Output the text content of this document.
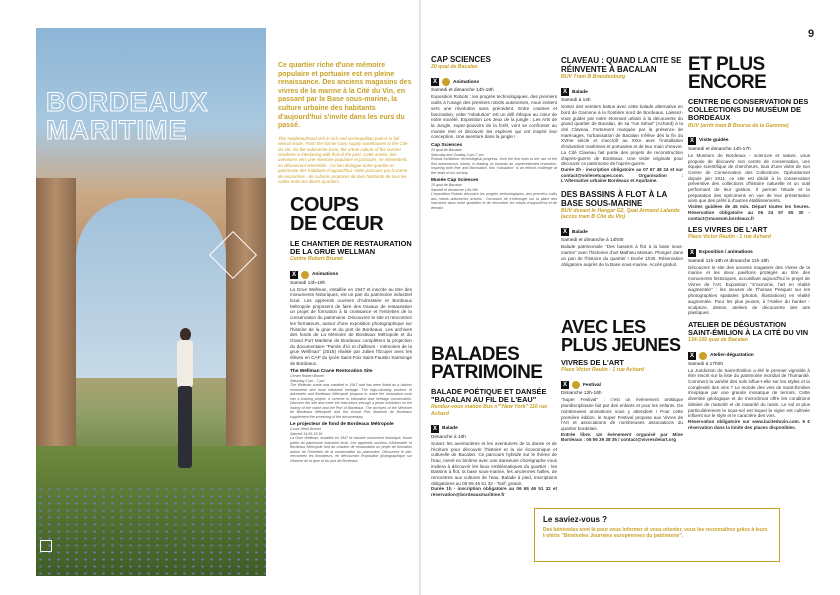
9
BORDEAUX
MARITIME

Ce quartier riche d'une mémoire populaire et portuaire est en pleine renaissance. Des anciens magasins des vivres de la marine à la Cité du Vin, en passant par la Base sous-marine, la culture urbaine des habitants d'aujourd'hui s'invite dans les eurs du passé.

This neighbourhood rich in rich and cosmopolitan past is in full revival mode. From the former navy supply warehouses to the Cité du Vin, via the submarine base, the urban culture of the current residents is interlacing with that of the past. Cette année, des aventures vers une mémoire populaire et portuaire, se réinventent, en découvrant ensemble - Ce lien dialogue entre quartier et patrimoine des habitants d'aujourd'hui. Votre parcours par la trame de rencontres - de cultures proposes de tous habitants de tous les cultes entre les divers quartiers.

COUPS
DE CŒUR
LE CHANTIER DE RESTAURATION DE LA GRUE WELLMAN
Centre Robert Brunet
X	Animations
Samedi 14h-19h

La Grue Wellman, installée en 1947 et inscrite au titre des monuments historiques, est un pan du patrimoine industriel local. Les apprentis ouvriers d'Adresstée et Bordeaux Métropole proposent de faire des travaux de restauration un projet de formation à la croissance et l'entretien de la conservation du patrimoine. Découvrez le site et rencontrez les formateurs, autour d'une exposition photographique sur l'histoire de la grue et du port de Bordeaux. Les archives des fonds de La Mémoire de Bordeaux Métropole et du Grand Port Maritime de Bordeaux complètent la projection du documentaire "Parole d'ici et d'ailleurs - mémoires de la grue Wellman" (2018) réalisé par Julien l'Écuyer avec les élèves en CAP du lycée Saint-Foix Saint-Faustin Saintonge de Bordeaux.

The Wellman Crane Restoration Site
Centre Robert Brunet
Saturday 2 pm - 7 pm

The Wellman crane was installed in 1947 and has been listed as a historic monument and local industrial heritage. The high-climbing workers of Adresstée and Bordeaux Métropole propose to make the restoration work into a training project, a scheme in education and heritage conservation. Discover the site and meet the instructors through a photo exhibition on the history of the crane and the Port of Bordeaux. The archives of the Mémoire de Bordeaux Métropole and the Grand Port Maritime de Bordeaux supplement the screening of the documentary.

Le projecteur de fond de Bordeaux Métropole
Cours Henri Brunet
Samedi 14:30-15:30

La Grue Wellman, installée en 1947 et classée monument historique, forme partie du patrimoine industriel local. Les apprentis ouvriers d'Adresstée et Bordeaux Métropole font du chantier de restauration un projet de formation autour de l'entretien de la conservation du patrimoine. Découvrez le site, rencontrez les formateurs, en découvrant l'exposition photographique sur l'histoire de la grue et du port de Bordeaux.

CAP SCIENCES
20 quai de Bacalan
X	Animations
Samedi et dimanche 14h-18h

Exposition Robots : les progrès technologiques, des premiers outils à l'usage des premiers robots autonomes, nous invitent vers une révolution sans précédent. Entre craintes et fascination, cette "robolution" est un défi éthique au cœur de notre société. Exposition Les Jeux de la jungle : Les Arts de la Jungle, super-pouvoirs de la forêt, vont se confronter au monde réel et découvrir les espèces qui ont inspiré leur conception. Une aventure dans la jungle !

Cap Sciences
20 quai de Bacalan
Saturday and Sunday 2 pm-7 pm

Robots exhibition: technological progress, from the first tools to the use of the first autonomous robots, is leading us towards an unprecedented revolution. Inspiring both fear and fascination, this "robolution" is an ethical challenge at the heart of our society.

Musée Cap Sciences
20 quai de Bacalan
Samedi et dimanche 14h-18h

L'exposition Robots découvre les progrès technologiques, des premiers outils aux robots autonomes actuels ; l'occasion de s'interroger sur la place des machines dans notre quotidien et de rencontrer les robots d'aujourd'hui et de demain.

BALADES
PATRIMOINE
BALADE POÉTIQUE ET DANSÉE "BACALAN AU FIL DE L'EAU"
Rendez-vous station Bus n°"New York" 110 rue Achard
X	Balade
Dimanche à 10h

Suivez les aventurières et les aventuriers de la danse et de l'écriture pour découvrir l'histoire et la vie économique et culturelle de Bacalan. Ce parcours hybride sur le thème de l'eau, mené en binôme avec une danseuse chorégraphe vous invitera à découvrir les lieux emblématiques du quartier : les Bassins à flot, la base sous-marine, les anciennes halles, de rencontres aux cultures de l'eau. Balade à pied, inscriptions obligatoires au 06 65 46 51 32 - Tarif: gratuit.

Durée 1h - inscription obligatoire au 06 65 46 51 32 et réservation@bordeauxmaritime.fr

CLAVEAU : QUAND LA CITÉ SE RÉINVENTE À BACALAN
BUV Tram B Brandenburg
X	Balade
Samedi à 14h

Sortez des sentiers battus avec cette balade alternative en bord de Garonne à la frontière nord de Bordeaux. Laissez-vous guider par notre étonnant urbain à la découverte du grand quartier de Bacalan, de sa "rue Sénat" (Achard) à la cité Claveau. Fortement marquée par la présence de marécages, l'urbanisation de Bacalan s'élève dès la fin du XVIIIe siècle et s'accroît au XIXe avec l'installation d'industries maritimes et portuaires et de leur main d'œuvre. La Cité Claveau fait partie des projets de reconstruction d'après-guerre de Bordeaux. Une visite originale pour découvrir ce patrimoine de l'après-guerre.

Durée 2h - inscription obligatoire au 07 67 48 24 et sur contact@voilesetcapes.com. Organisation : L'Alternative urbaine Bordeaux et Aquitaine.

DES BASSINS À FLOT À LA BASE SOUS-MARINE
BUV devant le Hangar G2, Quai Armand Lalande (accès tram B Cité du Vin)
X	Balade
Samedi et dimanche à 14h00

Balade patrimoniale "Des bassins à flot à la base sous-marine" avec l'historien d'art Mathieu Marsan. Plongez dans un pan de l'histoire du quartier ! Durée 1h30. Réservation obligatoire auprès de la Base sous-marine. Accès gratuit.

AVEC LES
PLUS JEUNES
VIVRES DE L'ART
Place Victor Raulin - 1 rue Achard
X	Festival
Dimanche 12h-16h

"Super Festival" : c'est un évènement artistique pluridisciplinaire fait par des enfants et pour les enfants. De nombreuses animations vous y attendent ! Pour cette première édition, le Super Festival propose aux Vivres de l'Art et associations de nombreuses associations du quartier bordelais.

Entrée libre. Un évènement organisé par Mine Bordeaux : 05 56 39 38 35 / contact@vivresdelart.org

ET PLUS
ENCORE
CENTRE DE CONSERVATION DES COLLECTIONS DU MUSÉUM DE BORDEAUX
BUV (arrêt tram B Bourse de la Garonne)
X	Visite guidée
Samedi et dimanche 14h-17h

Le Muséum de Bordeaux - sciences et nature, vous propose de découvrir son centre de conservation, une équipe scientifique de chercheurs, tous d'une visite de son Centre de Conservation des Collections. Opérationnel depuis juin 2011, ce site est dédié à la conservation préventive des collections d'histoire naturelle et un outil performant de leur gestion. Il permet l'étude et la préparation des spécimens en vue de leur présentation ainsi que des prêts à d'autres établissements.

Visites guidées de 45 min. Départ toutes les heures. Réservation obligatoire au 05 24 57 65 30 - contact@museum.bordeaux.fr

LES VIVRES DE L'ART
Place Victor Raulin - 1 rue Achard
X	Exposition / animations
Samedi 11h-18h et dimanche 11h-18h

Découvrez le site des anciens magasins des Vivres de la marine et les deux pavillons protégés au titre des monuments historiques, accueillant aujourd'hui le projet de Vivres de l'Art. Exposition "S'oxmonix, l'art en réalité augmentée" : les œuvres de Thomas Pesquet sur les photographies spatiales (photos, illustrations) en réalité augmentée. Pour les plus jeunes, à l'Atelier du bunker - sculpture, dessin, ateliers de découverte des arts plastiques.

ATELIER DE DÉGUSTATION SAINT-ÉMILION À LA CITÉ DU VIN
134-150 quai de Bacalan
X	Atelier-dégustation
Samedi à 17h00

La Juridiction de Saint-Émilion a été le premier vignoble à être inscrit sur la liste du patrimoine mondial de l'humanité. Comment la variété des sols influe-t-elle sur les styles et la complexité des vins ? Le monde des vins de Saint-Émilion s'explique par une grande mosaïque de terroirs. Cette diversité géologique et de microclimat offre les conditions idéales de maturité et de maturité du raisin. Le sol et plus particulièrement le sous-sol est lequel la vigne est cultivée influent sur le style et le caractère des vins.

Réservation obligatoire sur www.laciteduvin.com. 6 € réservation dans la limite des places disponibles.

Le saviez-vous ?
Des bénévoles sont là pour vous informer et vous orienter, vous les reconnaîtrez grâce à leurs t-shirts "Bénévoles Journées européennes du patrimoine".
